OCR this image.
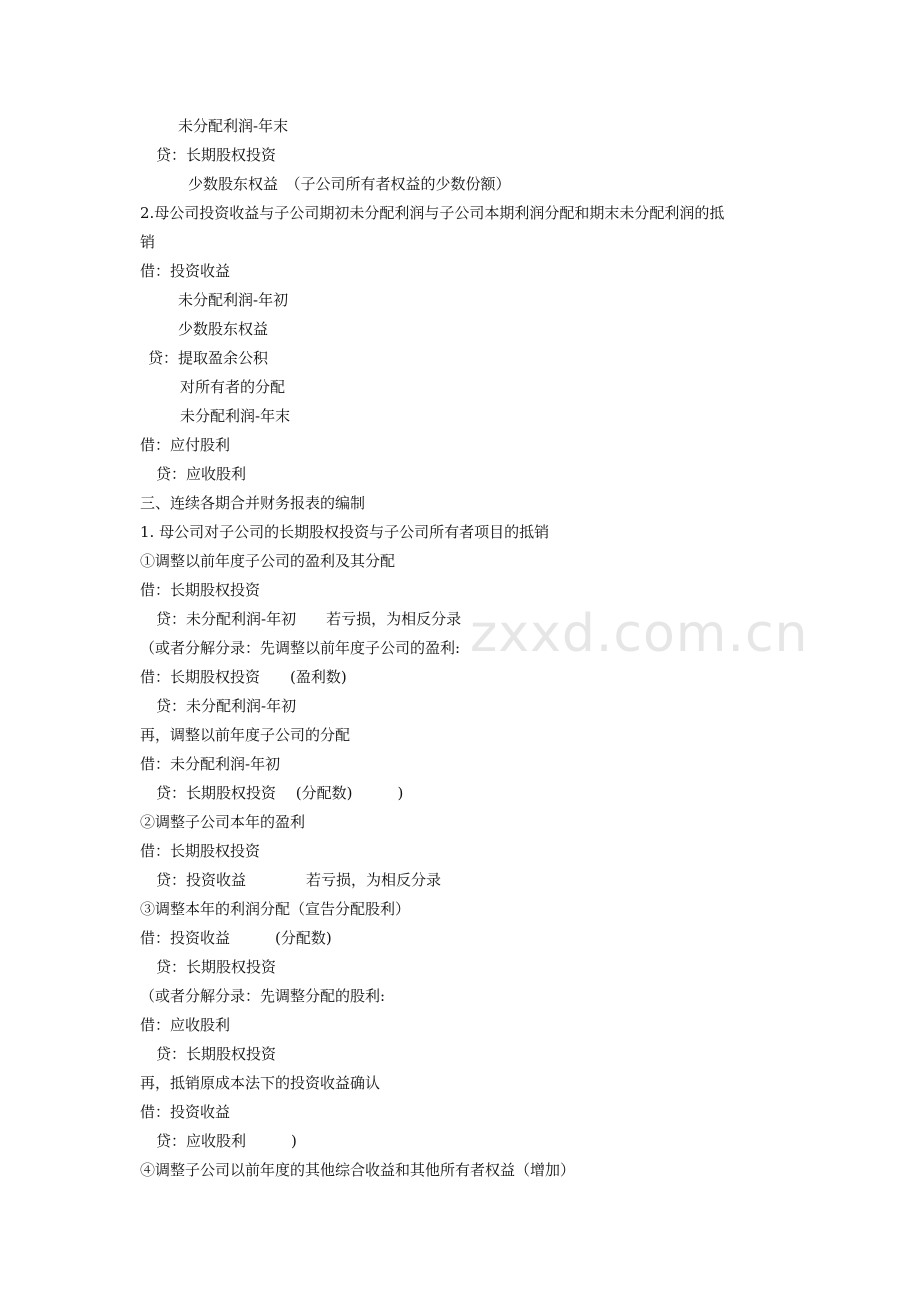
zxxd.com.cn
未分配利润-年末
贷：长期股权投资
少数股东权益　（子公司所有者权益的少数份额）
2.母公司投资收益与子公司期初未分配利润与子公司本期利润分配和期末未分配利润的抵
销
借：投资收益
未分配利润-年初
少数股东权益
贷：提取盈余公积
对所有者的分配
未分配利润-年末
借：应付股利
贷：应收股利
三、连续各期合并财务报表的编制
1. 母公司对子公司的长期股权投资与子公司所有者项目的抵销
①调整以前年度子公司的盈利及其分配
借：长期股权投资
贷：未分配利润-年初　　若亏损，为相反分录
（或者分解分录：先调整以前年度子公司的盈利:
借：长期股权投资　　(盈利数)
贷：未分配利润-年初
再，调整以前年度子公司的分配
借：未分配利润-年初
贷：长期股权投资　 (分配数)　　　)
②调整子公司本年的盈利
借：长期股权投资
贷：投资收益　　　　若亏损，为相反分录
③调整本年的利润分配（宣告分配股利）
借：投资收益　　　(分配数)
贷：长期股权投资
（或者分解分录：先调整分配的股利:
借：应收股利
贷：长期股权投资
再，抵销原成本法下的投资收益确认
借：投资收益
贷：应收股利　　　)
④调整子公司以前年度的其他综合收益和其他所有者权益（增加）
